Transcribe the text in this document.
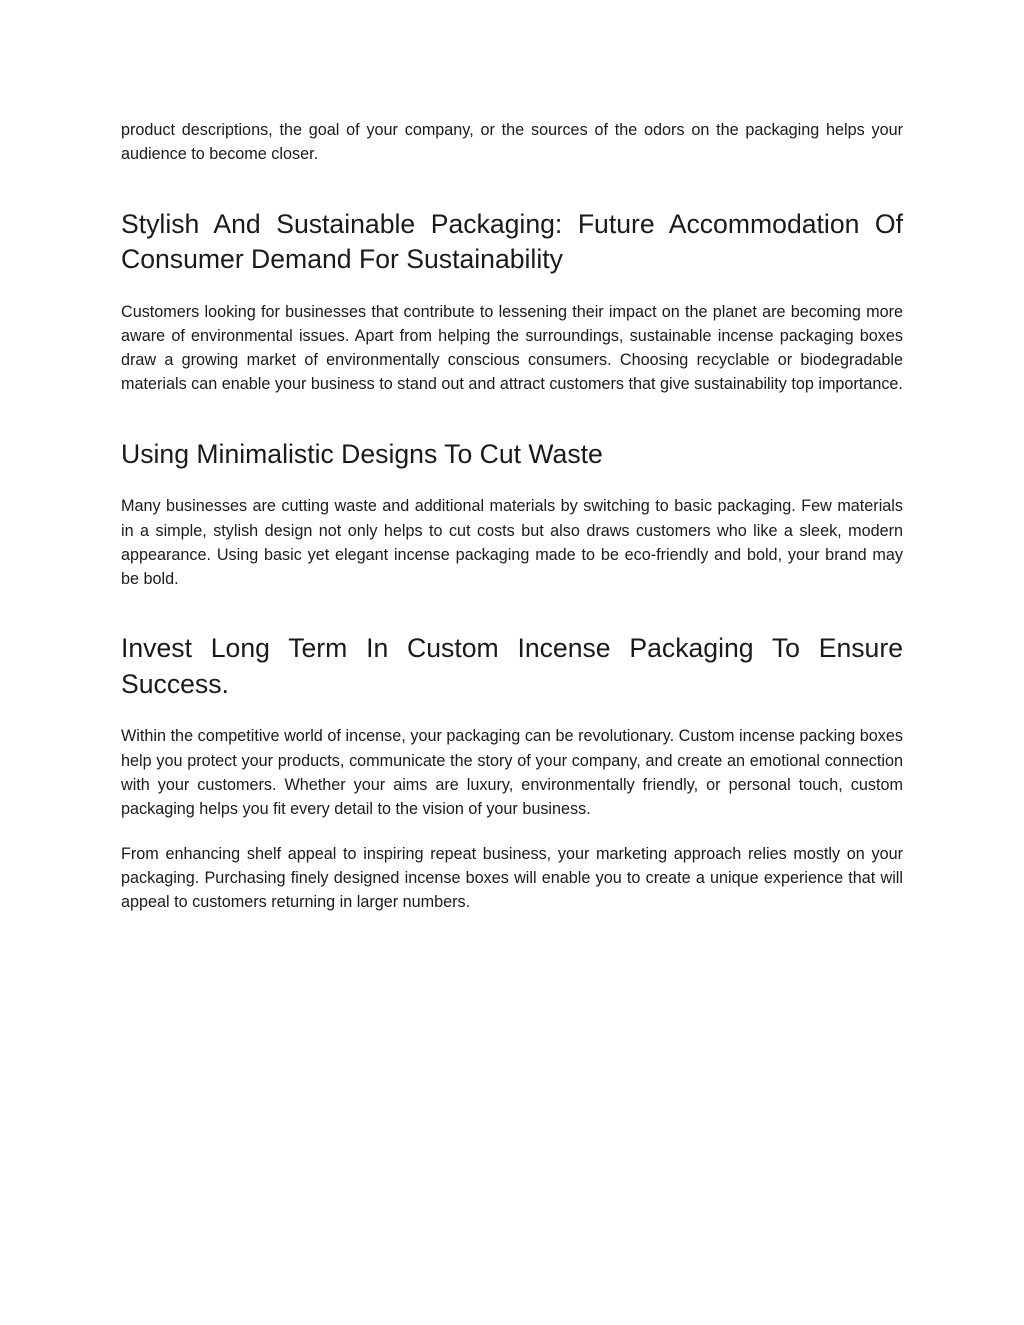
product descriptions, the goal of your company, or the sources of the odors on the packaging helps your audience to become closer.

Stylish And Sustainable Packaging: Future Accommodation Of Consumer Demand For Sustainability

Customers looking for businesses that contribute to lessening their impact on the planet are becoming more aware of environmental issues. Apart from helping the surroundings, sustainable incense packaging boxes draw a growing market of environmentally conscious consumers. Choosing recyclable or biodegradable materials can enable your business to stand out and attract customers that give sustainability top importance.

Using Minimalistic Designs To Cut Waste

Many businesses are cutting waste and additional materials by switching to basic packaging. Few materials in a simple, stylish design not only helps to cut costs but also draws customers who like a sleek, modern appearance. Using basic yet elegant incense packaging made to be eco-friendly and bold, your brand may be bold.

Invest Long Term In Custom Incense Packaging To Ensure Success.

Within the competitive world of incense, your packaging can be revolutionary. Custom incense packing boxes help you protect your products, communicate the story of your company, and create an emotional connection with your customers. Whether your aims are luxury, environmentally friendly, or personal touch, custom packaging helps you fit every detail to the vision of your business.

From enhancing shelf appeal to inspiring repeat business, your marketing approach relies mostly on your packaging. Purchasing finely designed incense boxes will enable you to create a unique experience that will appeal to customers returning in larger numbers.
